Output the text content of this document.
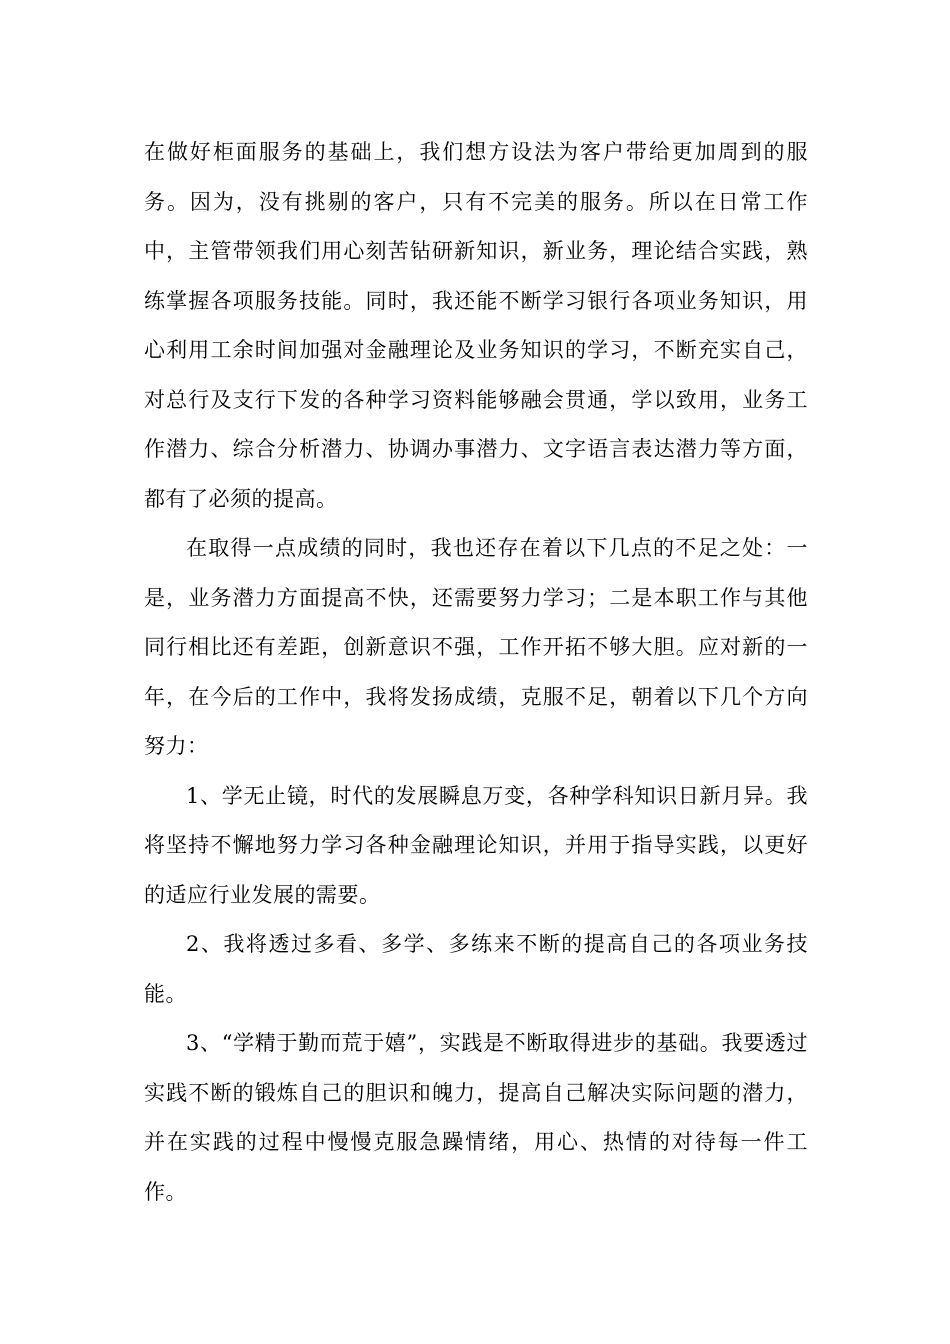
在做好柜面服务的基础上，我们想方设法为客户带给更加周到的服务。因为，没有挑剔的客户，只有不完美的服务。所以在日常工作中，主管带领我们用心刻苦钻研新知识，新业务，理论结合实践，熟练掌握各项服务技能。同时，我还能不断学习银行各项业务知识，用心利用工余时间加强对金融理论及业务知识的学习，不断充实自己，对总行及支行下发的各种学习资料能够融会贯通，学以致用，业务工作潜力、综合分析潜力、协调办事潜力、文字语言表达潜力等方面，都有了必须的提高。

在取得一点成绩的同时，我也还存在着以下几点的不足之处：一是，业务潜力方面提高不快，还需要努力学习；二是本职工作与其他同行相比还有差距，创新意识不强，工作开拓不够大胆。应对新的一年，在今后的工作中，我将发扬成绩，克服不足，朝着以下几个方向努力：

1、学无止镜，时代的发展瞬息万变，各种学科知识日新月异。我将坚持不懈地努力学习各种金融理论知识，并用于指导实践，以更好的适应行业发展的需要。

2、我将透过多看、多学、多练来不断的提高自己的各项业务技能。

3、“学精于勤而荒于嬉”，实践是不断取得进步的基础。我要透过实践不断的锻炼自己的胆识和魄力，提高自己解决实际问题的潜力，并在实践的过程中慢慢克服急躁情绪，用心、热情的对待每一件工作。
